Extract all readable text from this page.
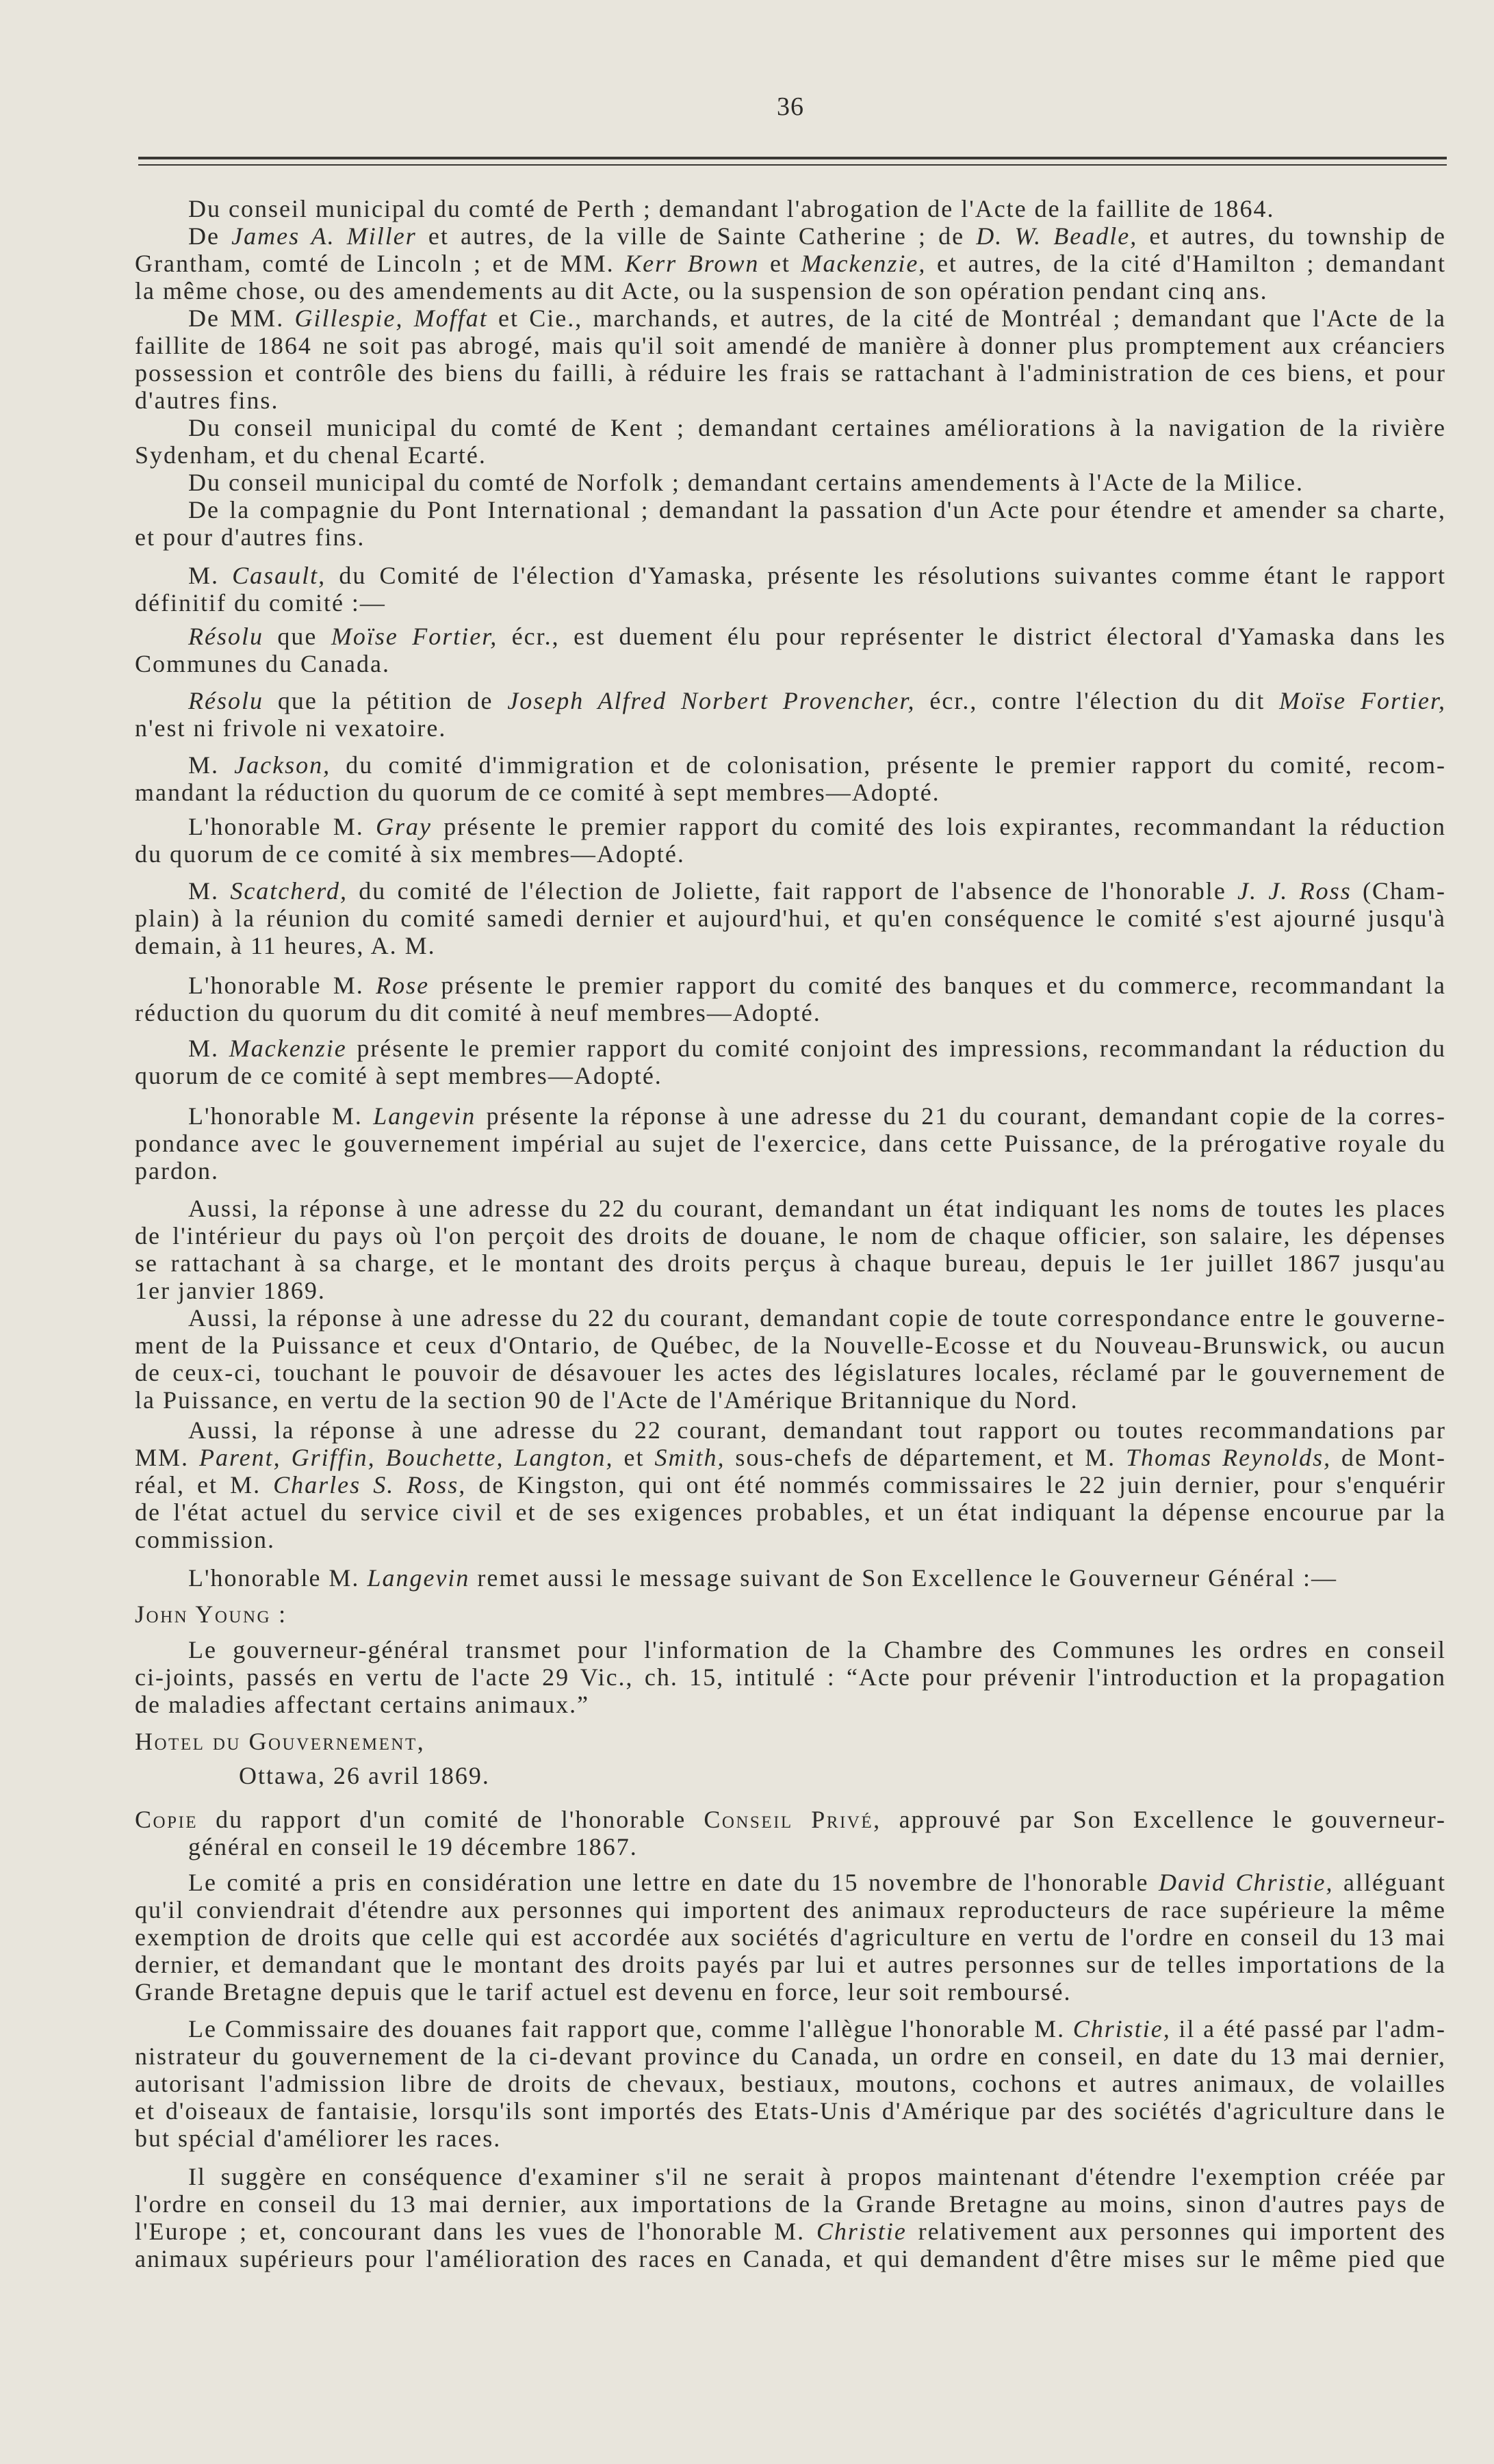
36
Du conseil municipal du comté de Perth ; demandant l'abrogation de l'Acte de la faillite de 1864.
De James A. Miller et autres, de la ville de Sainte Catherine ; de D. W. Beadle, et autres, du township de
Grantham, comté de Lincoln ; et de MM. Kerr Brown et Mackenzie, et autres, de la cité d'Hamilton ; demandant
la même chose, ou des amendements au dit Acte, ou la suspension de son opération pendant cinq ans.
De MM. Gillespie, Moffat et Cie., marchands, et autres, de la cité de Montréal ; demandant que l'Acte de la
faillite de 1864 ne soit pas abrogé, mais qu'il soit amendé de manière à donner plus promptement aux créanciers
possession et contrôle des biens du failli, à réduire les frais se rattachant à l'administration de ces biens, et pour
d'autres fins.
Du conseil municipal du comté de Kent ; demandant certaines améliorations à la navigation de la rivière
Sydenham, et du chenal Ecarté.
Du conseil municipal du comté de Norfolk ; demandant certains amendements à l'Acte de la Milice.
De la compagnie du Pont International ; demandant la passation d'un Acte pour étendre et amender sa charte,
et pour d'autres fins.
M. Casault, du Comité de l'élection d'Yamaska, présente les résolutions suivantes comme étant le rapport
définitif du comité :—
Résolu que Moïse Fortier, écr., est duement élu pour représenter le district électoral d'Yamaska dans les
Communes du Canada.
Résolu que la pétition de Joseph Alfred Norbert Provencher, écr., contre l'élection du dit Moïse Fortier,
n'est ni frivole ni vexatoire.
M. Jackson, du comité d'immigration et de colonisation, présente le premier rapport du comité, recom-
mandant la réduction du quorum de ce comité à sept membres—Adopté.
L'honorable M. Gray présente le premier rapport du comité des lois expirantes, recommandant la réduction
du quorum de ce comité à six membres—Adopté.
M. Scatcherd, du comité de l'élection de Joliette, fait rapport de l'absence de l'honorable J. J. Ross (Cham-
plain) à la réunion du comité samedi dernier et aujourd'hui, et qu'en conséquence le comité s'est ajourné jusqu'à
demain, à 11 heures, A. M.
L'honorable M. Rose présente le premier rapport du comité des banques et du commerce, recommandant la
réduction du quorum du dit comité à neuf membres—Adopté.
M. Mackenzie présente le premier rapport du comité conjoint des impressions, recommandant la réduction du
quorum de ce comité à sept membres—Adopté.
L'honorable M. Langevin présente la réponse à une adresse du 21 du courant, demandant copie de la corres-
pondance avec le gouvernement impérial au sujet de l'exercice, dans cette Puissance, de la prérogative royale du
pardon.
Aussi, la réponse à une adresse du 22 du courant, demandant un état indiquant les noms de toutes les places
de l'intérieur du pays où l'on perçoit des droits de douane, le nom de chaque officier, son salaire, les dépenses
se rattachant à sa charge, et le montant des droits perçus à chaque bureau, depuis le 1er juillet 1867 jusqu'au
1er janvier 1869.
Aussi, la réponse à une adresse du 22 du courant, demandant copie de toute correspondance entre le gouverne-
ment de la Puissance et ceux d'Ontario, de Québec, de la Nouvelle-Ecosse et du Nouveau-Brunswick, ou aucun
de ceux-ci, touchant le pouvoir de désavouer les actes des législatures locales, réclamé par le gouvernement de
la Puissance, en vertu de la section 90 de l'Acte de l'Amérique Britannique du Nord.
Aussi, la réponse à une adresse du 22 courant, demandant tout rapport ou toutes recommandations par
MM. Parent, Griffin, Bouchette, Langton, et Smith, sous-chefs de département, et M. Thomas Reynolds, de Mont-
réal, et M. Charles S. Ross, de Kingston, qui ont été nommés commissaires le 22 juin dernier, pour s'enquérir
de l'état actuel du service civil et de ses exigences probables, et un état indiquant la dépense encourue par la
commission.
L'honorable M. Langevin remet aussi le message suivant de Son Excellence le Gouverneur Général :—
John Young :
Le gouverneur-général transmet pour l'information de la Chambre des Communes les ordres en conseil
ci-joints, passés en vertu de l'acte 29 Vic., ch. 15, intitulé : “Acte pour prévenir l'introduction et la propagation
de maladies affectant certains animaux.”
Hotel du Gouvernement,
Ottawa, 26 avril 1869.
Copie du rapport d'un comité de l'honorable Conseil Privé, approuvé par Son Excellence le gouverneur-
général en conseil le 19 décembre 1867.
Le comité a pris en considération une lettre en date du 15 novembre de l'honorable David Christie, alléguant
qu'il conviendrait d'étendre aux personnes qui importent des animaux reproducteurs de race supérieure la même
exemption de droits que celle qui est accordée aux sociétés d'agriculture en vertu de l'ordre en conseil du 13 mai
dernier, et demandant que le montant des droits payés par lui et autres personnes sur de telles importations de la
Grande Bretagne depuis que le tarif actuel est devenu en force, leur soit remboursé.
Le Commissaire des douanes fait rapport que, comme l'allègue l'honorable M. Christie, il a été passé par l'adm-
nistrateur du gouvernement de la ci-devant province du Canada, un ordre en conseil, en date du 13 mai dernier,
autorisant l'admission libre de droits de chevaux, bestiaux, moutons, cochons et autres animaux, de volailles
et d'oiseaux de fantaisie, lorsqu'ils sont importés des Etats-Unis d'Amérique par des sociétés d'agriculture dans le
but spécial d'améliorer les races.
Il suggère en conséquence d'examiner s'il ne serait à propos maintenant d'étendre l'exemption créée par
l'ordre en conseil du 13 mai dernier, aux importations de la Grande Bretagne au moins, sinon d'autres pays de
l'Europe ; et, concourant dans les vues de l'honorable M. Christie relativement aux personnes qui importent des
animaux supérieurs pour l'amélioration des races en Canada, et qui demandent d'être mises sur le même pied que
